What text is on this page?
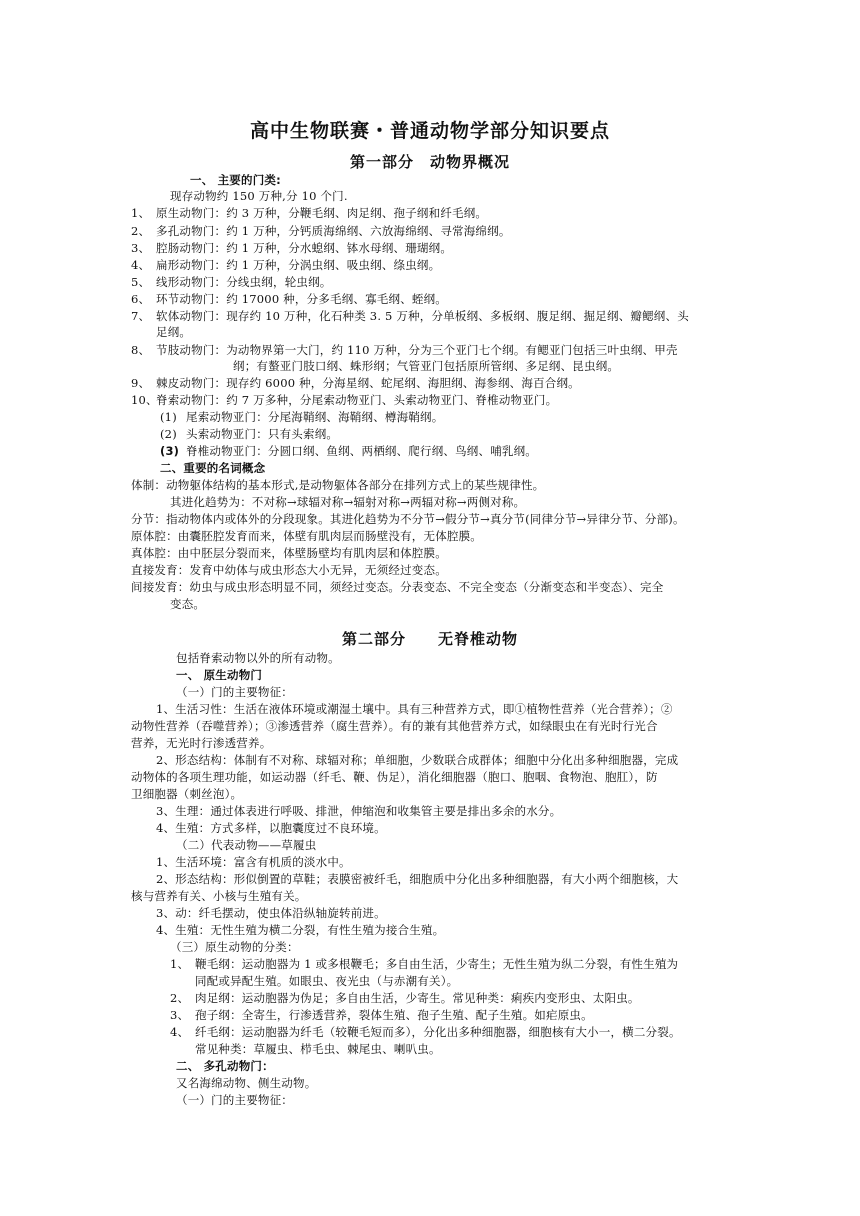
高中生物联赛・普通动物学部分知识要点
第一部分　动物界概况
一、 主要的门类:
现存动物约 150 万种,分 10 个门.
1、 原生动物门：约 3 万种，分鞭毛纲、肉足纲、孢子纲和纤毛纲。
2、 多孔动物门：约 1 万种，分钙质海绵纲、六放海绵纲、寻常海绵纲。
3、 腔肠动物门：约 1 万种，分水螅纲、钵水母纲、珊瑚纲。
4、 扁形动物门：约 1 万种，分涡虫纲、吸虫纲、绦虫纲。
5、 线形动物门：分线虫纲，轮虫纲。
6、 环节动物门：约 17000 种，分多毛纲、寡毛纲、蛭纲。
7、 软体动物门：现存约 10 万种，化石种类 3. 5 万种，分单板纲、多板纲、腹足纲、掘足纲、瓣鳃纲、头
足纲。
8、 节肢动物门：为动物界第一大门，约 110 万种，分为三个亚门七个纲。有鳃亚门包括三叶虫纲、甲壳
纲；有螯亚门肢口纲、蛛形纲；气管亚门包括原所管纲、多足纲、昆虫纲。
9、 棘皮动物门：现存约 6000 种，分海星纲、蛇尾纲、海胆纲、海参纲、海百合纲。
10、
脊索动物门：约 7 万多种，分尾索动物亚门、头索动物亚门、脊椎动物亚门。
(1) 尾索动物亚门：分尾海鞘纲、海鞘纲、樽海鞘纲。
(2) 头索动物亚门：只有头索纲。
(3) 脊椎动物亚门：分圆口纲、鱼纲、两栖纲、爬行纲、鸟纲、哺乳纲。
二、重要的名词概念
体制：动物躯体结构的基本形式,是动物躯体各部分在排列方式上的某些规律性。
其进化趋势为：不对称→球辐对称→辐射对称→两辐对称→两侧对称。
分节：指动物体内或体外的分段现象。其进化趋势为不分节→假分节→真分节(同律分节→异律分节、分部)。
原体腔：由囊胚腔发育而来，体壁有肌肉层而肠壁没有，无体腔膜。
真体腔：由中胚层分裂而来，体壁肠壁均有肌肉层和体腔膜。
直接发育：发育中幼体与成虫形态大小无异，无须经过变态。
间接发育：幼虫与成虫形态明显不同，须经过变态。分表变态、不完全变态（分渐变态和半变态）、完全
变态。
第二部分　　无脊椎动物
包括脊索动物以外的所有动物。
一、 原生动物门
（一）门的主要物征：
1、生活习性：生活在液体环境或潮湿土壤中。具有三种营养方式，即①植物性营养（光合营养）；②
动物性营养（吞噬营养）；③渗透营养（腐生营养）。有的兼有其他营养方式，如绿眼虫在有光时行光合
营养，无光时行渗透营养。
2、形态结构：体制有不对称、球辐对称；单细胞，少数联合成群体；细胞中分化出多种细胞器，完成
动物体的各项生理功能，如运动器（纤毛、鞭、伪足），消化细胞器（胞口、胞咽、食物泡、胞肛），防
卫细胞器（刺丝泡）。
3、生理：通过体表进行呼吸、排泄，伸缩泡和收集管主要是排出多余的水分。
4、生殖：方式多样，以胞囊度过不良环境。
（二）代表动物——草履虫
1、生活环境：富含有机质的淡水中。
2、形态结构：形似倒置的草鞋；表膜密被纤毛，细胞质中分化出多种细胞器，有大小两个细胞核，大
核与营养有关、小核与生殖有关。
3、动：纤毛摆动，使虫体沿纵轴旋转前进。
4、生殖：无性生殖为横二分裂，有性生殖为接合生殖。
（三）原生动物的分类：
1、 鞭毛纲：运动胞器为 1 或多根鞭毛；多自由生活，少寄生；无性生殖为纵二分裂，有性生殖为
同配或异配生殖。如眼虫、夜光虫（与赤潮有关）。
2、 肉足纲：运动胞器为伪足；多自由生活，少寄生。常见种类：痢疾内变形虫、太阳虫。
3、 孢子纲：全寄生，行渗透营养，裂体生殖、孢子生殖、配子生殖。如疟原虫。
4、 纤毛纲：运动胞器为纤毛（较鞭毛短而多），分化出多种细胞器，细胞核有大小一，横二分裂。
常见种类：草履虫、栉毛虫、棘尾虫、喇叭虫。
二、 多孔动物门：
又名海绵动物、侧生动物。
（一）门的主要物征：
